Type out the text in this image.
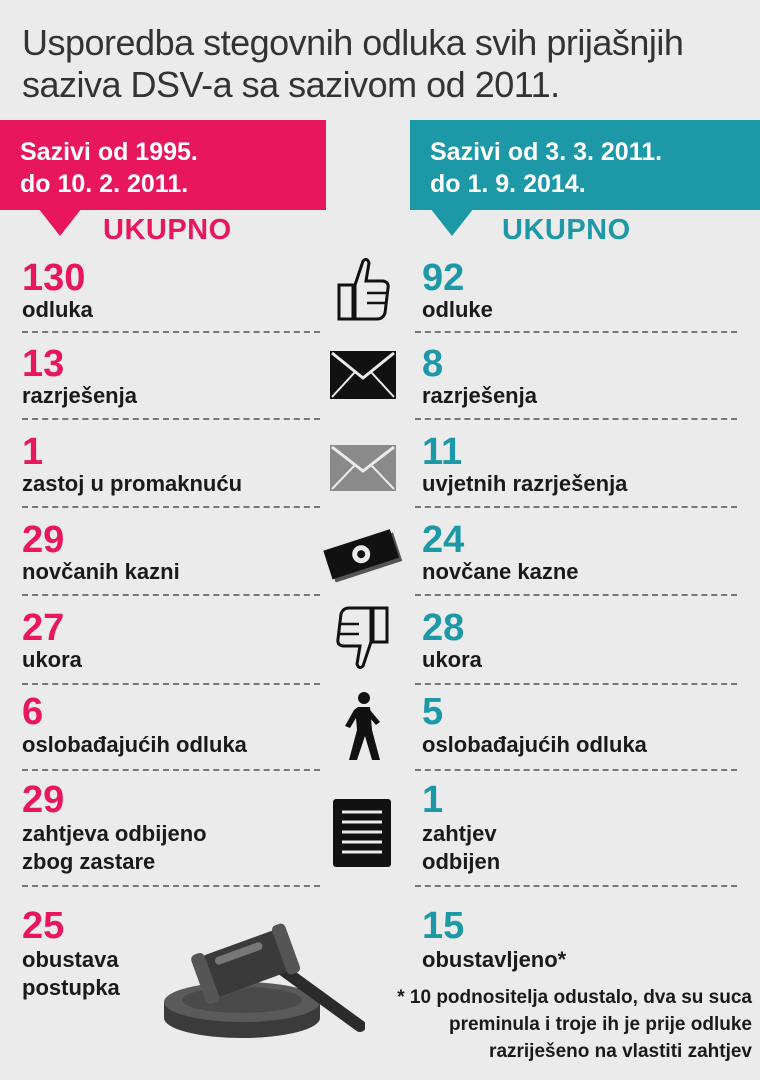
Usporedba stegovnih odluka svih prijašnjih saziva DSV-a sa sazivom od 2011.
Sazivi od 1995.
do 10. 2. 2011.
Sazivi od 3. 3. 2011.
do 1. 9. 2014.
UKUPNO	UKUPNO
130
odluka
92
odluke
13
razrješenja
8
razrješenja
1
zastoj u promaknuću
11
uvjetnih razrješenja
29
novčanih kazni
24
novčane kazne
27
ukora
28
ukora
6
oslobađajućih odluka
5
oslobađajućih odluka
29
zahtjeva odbijeno
zbog zastare
1
zahtjev
odbijen
25
obustava
postupka
15
obustavljeno*
* 10 podnositelja odustalo, dva su suca preminula i troje ih je prije odluke razriješeno na vlastiti zahtjev
